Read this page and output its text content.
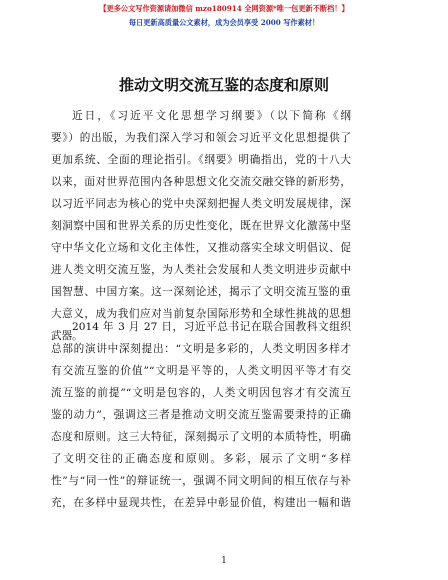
【更多公文写作资源请加微信 mzo180914 全网资源*唯一包更新不断档！】
每日更新高质量公文素材，成为会员享受 2000 写作素材！
推动文明交流互鉴的态度和原则
近日，《习近平文化思想学习纲要》（以下简称《纲
要》）的出版，为我们深入学习和领会习近平文化思想提供了
更加系统、全面的理论指引。《纲要》明确指出，党的十八大
以来，面对世界范围内各种思想文化交流交融交锋的新形势，
以习近平同志为核心的党中央深刻把握人类文明发展规律，深
刻洞察中国和世界关系的历史性变化，既在世界文化激荡中坚
守中华文化立场和文化主体性，又推动落实全球文明倡议、促
进人类文明交流互鉴，为人类社会发展和人类文明进步贡献中
国智慧、中国方案。这一深刻论述，揭示了文明交流互鉴的重
大意义，成为我们应对当前复杂国际形势和全球性挑战的思想
武器。
2014 年 3 月 27 日，习近平总书记在联合国教科文组织
总部的演讲中深刻提出：“文明是多彩的，人类文明因多样才
有交流互鉴的价值”“文明是平等的，人类文明因平等才有交
流互鉴的前提”“文明是包容的，人类文明因包容才有交流互
鉴的动力”，强调这三者是推动文明交流互鉴需要秉持的正确
态度和原则。这三大特征，深刻揭示了文明的本质特性，明确
了文明交往的正确态度和原则。多彩，展示了文明“多样
性”与“同一性”的辩证统一，强调不同文明间的相互依存与补
充，在多样中显现共性，在差异中彰显价值，构建出一幅和谐
1
